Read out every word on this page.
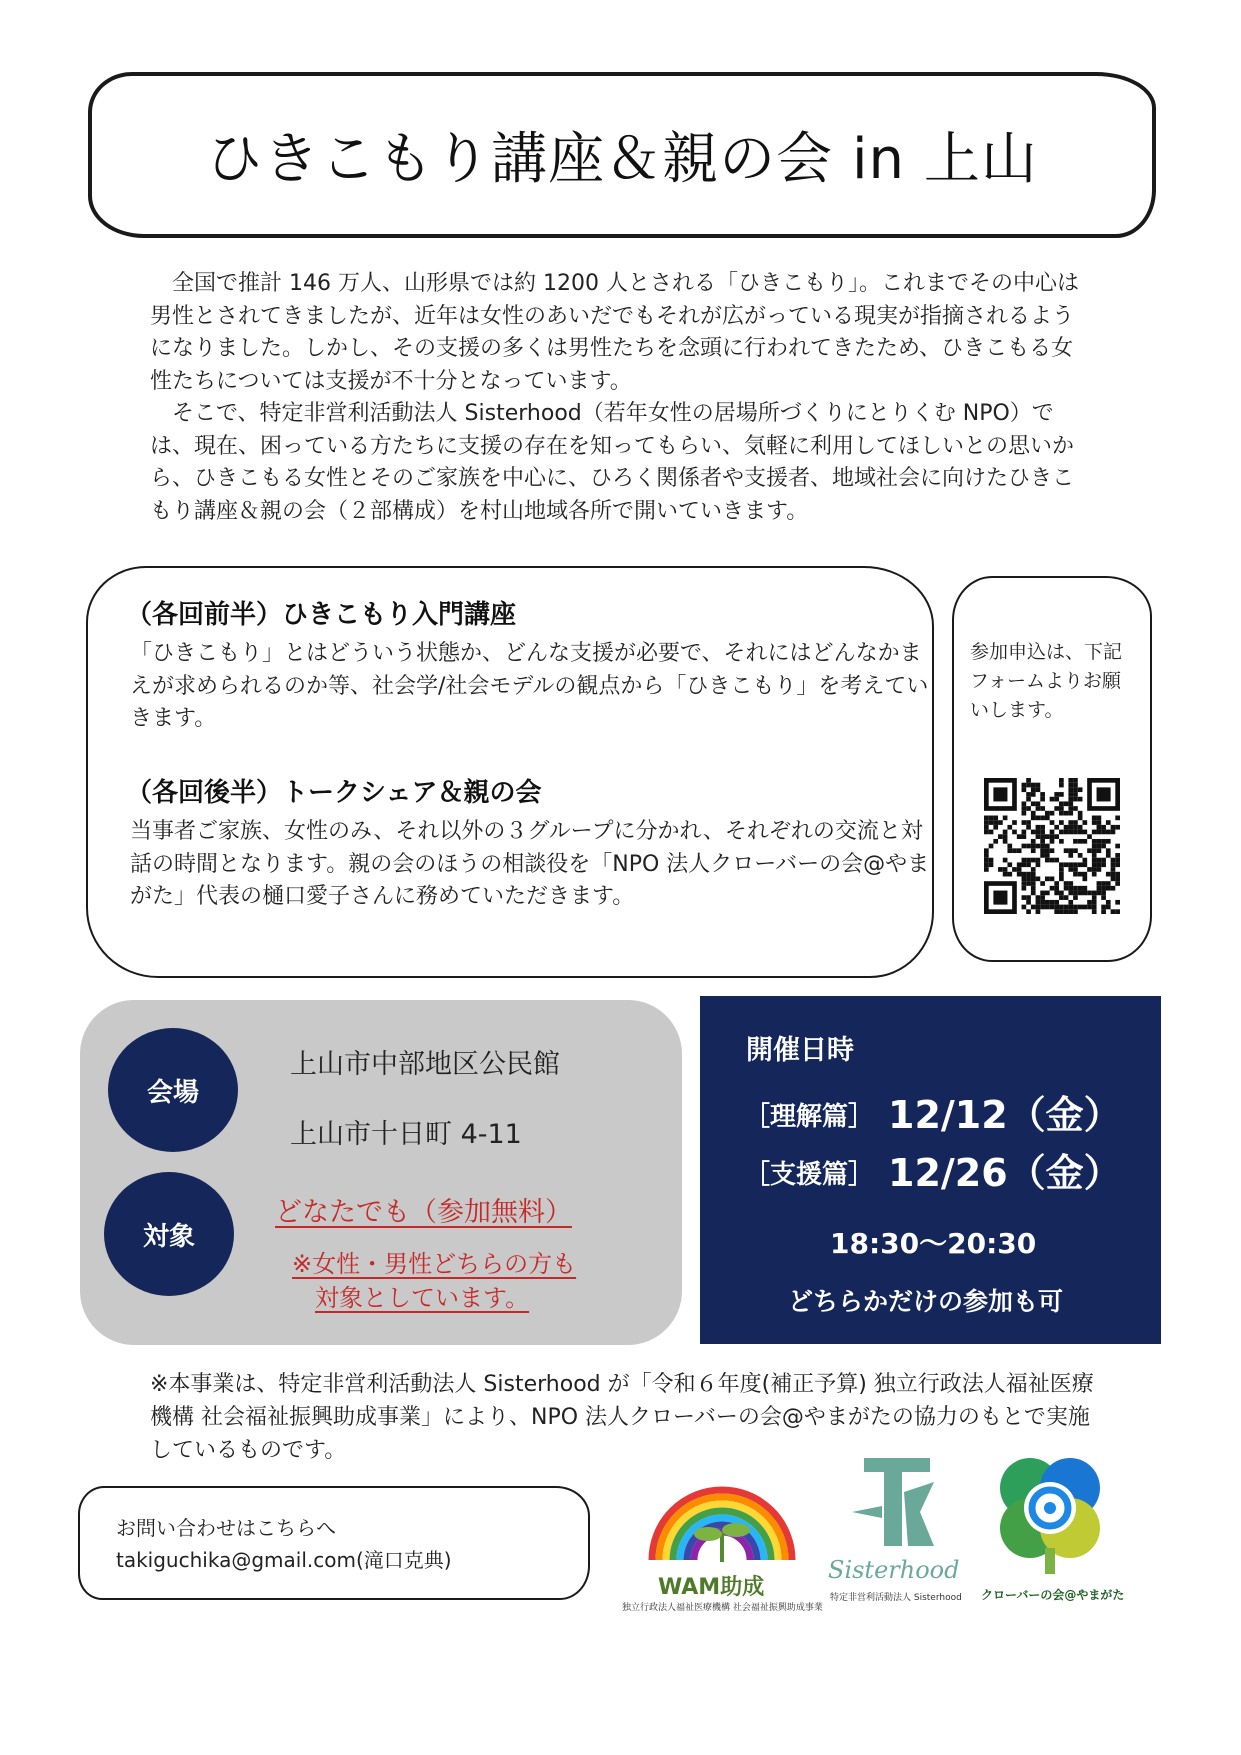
ひきこもり講座＆親の会 in 上山

全国で推計 146 万人、山形県では約 1200 人とされる「ひきこもり」。これまでその中心は男性とされてきましたが、近年は女性のあいだでもそれが広がっている現実が指摘されるようになりました。しかし、その支援の多くは男性たちを念頭に行われてきたため、ひきこもる女性たちについては支援が不十分となっています。

そこで、特定非営利活動法人 Sisterhood（若年女性の居場所づくりにとりくむ NPO）では、現在、困っている方たちに支援の存在を知ってもらい、気軽に利用してほしいとの思いから、ひきこもる女性とそのご家族を中心に、ひろく関係者や支援者、地域社会に向けたひきこもり講座＆親の会（２部構成）を村山地域各所で開いていきます。

（各回前半）ひきこもり入門講座
「ひきこもり」とはどういう状態か、どんな支援が必要で、それにはどんなかまえが求められるのか等、社会学/社会モデルの観点から「ひきこもり」を考えていきます。
（各回後半）トークシェア＆親の会
当事者ご家族、女性のみ、それ以外の３グループに分かれ、それぞれの交流と対話の時間となります。親の会のほうの相談役を「NPO 法人クローバーの会@やまがた」代表の樋口愛子さんに務めていただきます。
参加申込は、下記フォームよりお願いします。
会場
上山市中部地区公民館
上山市十日町 4-11
対象
どなたでも（参加無料）
※女性・男性どちらの方も
対象としています。
開催日時
［理解篇］ 12/12（金）
［支援篇］ 12/26（金）
18:30〜20:30
どちらかだけの参加も可
※本事業は、特定非営利活動法人 Sisterhood が「令和６年度(補正予算) 独立行政法人福祉医療機構 社会福祉振興助成事業」により、NPO 法人クローバーの会@やまがたの協力のもとで実施しているものです。
お問い合わせはこちらへ
takiguchika@gmail.com(滝口克典)
WAM助成
独立行政法人福祉医療機構 社会福祉振興助成事業
Sisterhood
特定非営利活動法人 Sisterhood クローバーの会@やまがた
